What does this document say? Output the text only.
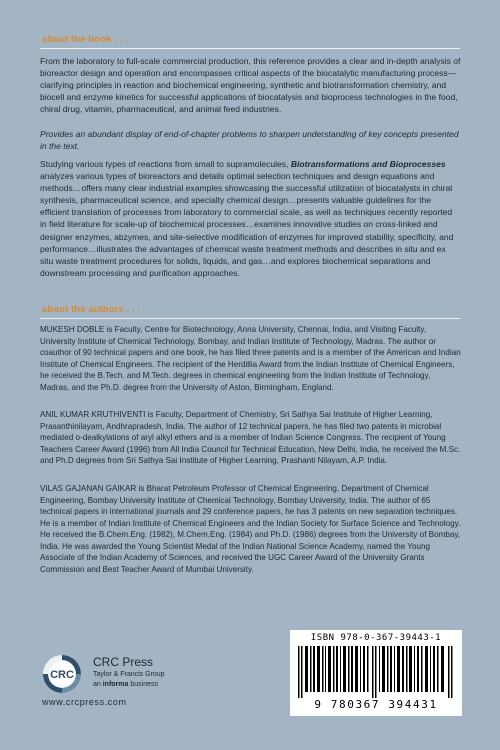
about the book . . .

From the laboratory to full-scale commercial production, this reference provides a clear and in-depth analysis of bioreactor design and operation and encompasses critical aspects of the biocatalytic manufacturing process—clarifying principles in reaction and biochemical engineering, synthetic and biotransformation chemistry, and biocell and enzyme kinetics for successful applications of biocatalysis and bioprocess technologies in the food, chiral drug, vitamin, pharmaceutical, and animal feed industries.

Provides an abundant display of end-of-chapter problems to sharpen understanding of key concepts presented in the text.

Studying various types of reactions from small to supramolecules, Biotransformations and Bioprocesses analyzes various types of bioreactors and details optimal selection techniques and design equations and methods…offers many clear industrial examples showcasing the successful utilization of biocatalysts in chiral synthesis, pharmaceutical science, and specialty chemical design…presents valuable guidelines for the efficient translation of processes from laboratory to commercial scale, as well as techniques recently reported in field literature for scale-up of biochemical processes…examines innovative studies on cross-linked and designer enzymes, abzymes, and site-selective modification of enzymes for improved stability, specificity, and performance…illustrates the advantages of chemical waste treatment methods and describes in situ and ex situ waste treatment procedures for solids, liquids, and gas…and explores biochemical separations and downstream processing and purification approaches.

about the authors . . .

MUKESH DOBLE is Faculty, Centre for Biotechnology, Anna University, Chennai, India, and Visiting Faculty, University Institute of Chemical Technology, Bombay, and Indian Institute of Technology, Madras. The author or coauthor of 90 technical papers and one book, he has filed three patents and is a member of the American and Indian Institute of Chemical Engineers. The recipient of the Herdillia Award from the Indian Institute of Chemical Engineers, he received the B.Tech. and M.Tech. degrees in chemical engineering from the Indian Institute of Technology, Madras, and the Ph.D. degree from the University of Aston, Birmingham, England.

ANIL KUMAR KRUTHIVENTI is Faculty, Department of Chemistry, Sri Sathya Sai Institute of Higher Learning, Prasanthinilayam, Andhrapradesh, India. The author of 12 technical papers, he has filed two patents in microbial mediated o-dealkylations of aryl alkyl ethers and is a member of Indian Science Congress. The recipient of Young Teachers Career Award (1996) from All India Council for Technical Education, New Delhi, India, he received the M.Sc. and Ph.D degrees from Sri Sathya Sai Institute of Higher Learning, Prashanti Nilayam, A.P. India.

VILAS GAJANAN GAIKAR is Bharat Petroleum Professor of Chemical Engineering, Department of Chemical Engineering, Bombay University Institute of Chemical Technology, Bombay University, India. The author of 65 technical papers in international journals and 29 conference papers, he has 3 patents on new separation techniques. He is a member of Indian Institute of Chemical Engineers and the Indian Society for Surface Science and Technology. He received the B.Chem.Eng. (1982), M.Chem.Eng. (1984) and Ph.D. (1986) degrees from the University of Bombay, India. He was awarded the Young Scientist Medal of the Indian National Science Academy, named the Young Associate of the Indian Academy of Sciences, and received the UGC Career Award of the University Grants Commission and Best Teacher Award of Mumbai University.

ISBN 978-0-367-39443-1
9 780367 394431
CRC
CRC Press
Taylor & Francis Group
an informa business
www.crcpress.com
